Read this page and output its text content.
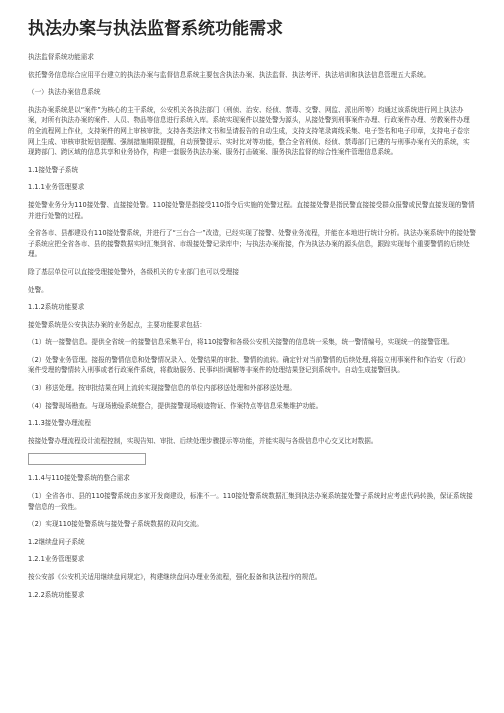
执法办案与执法监督系统功能需求

执法监督系统功能需求

依托警务信息综合应用平台建立的执法办案与监督信息系统主要包含执法办案、执法监督、执法考评、执法培训和执法信息管理五大系统。

（一）执法办案信息系统

执法办案系统是以“案件”为核心的主干系统，公安机关各执法部门（刑侦、治安、经侦、禁毒、交警、网监、派出所等）均通过该系统进行网上执法办案，对所有执法办案的案件、人员、物品等信息进行系统入库。系统实现案件以接处警为源头，从接处警到刑事案件办理、行政案件办理、劳教案件办理的全流程网上作业，支持案件的网上审核审批，支持各类法律文书和呈请报告的自动生成，支持支持笔录离线采集、电子签名和电子印章，支持电子卷宗网上生成、审核审批短信提醒、强制措施期限提醒，自动预警提示、实时比对等功能，整合全省刑侦、经侦、禁毒部门已建的与刑事办案有关的系统，实现跨部门、跨区域的信息共享和业务协作，构建一套服务执法办案、服务打击破案、服务执法监督的综合性案件管理信息系统。

1.1接处警子系统

1.1.1业务管理要求

接处警业务分为110接处警、直接接处警。110接处警是指接受110指令后实施的处警过程。直接接处警是指民警直接接受群众报警或民警直接发现的警情并进行处警的过程。

全省各市、县都建设有110接处警系统，并进行了“三台合一”改造，已经实现了接警、处警业务流程，并能在本地进行统计分析。执法办案系统中的接处警子系统应把全省各市、县的接警数据实时汇集到省、市级接处警记录库中；与执法办案衔接，作为执法办案的源头信息，跟踪实现每个重要警情的后续处理。

除了基层单位可以直接受理接处警外，各级机关的专业部门也可以受理接

处警。

1.1.2系统功能要求

接处警系统是公安执法办案的业务起点，主要功能要求包括：

（1）统一接警信息。提供全省统一的接警信息采集平台，将110接警和各级公安机关接警的信息统一采集，统一警情编号，实现统一的接警管理。

（2）处警业务管理。接报的警情信息和处警情况录入、处警结果的审批、警情的流转。确定针对当前警情的后续处理,将报立刑事案件和作治安（行政）案件受理的警情转入刑事或者行政案件系统，将救助服务、民事纠纷调解等非案件的处理结果登记到系统中。自动生成接警回执。

（3）移送处理。按审批结果在网上流转实现接警信息的单位内部移送处理和外部移送处理。

（4）接警现场勘查。与现场勘验系统整合，提供接警现场痕迹物证、作案特点等信息采集维护功能。

1.1.3接处警办理流程

按接处警办理流程设计流程控制，实现告知、审批、后续处理步骤提示等功能，并能实现与各级信息中心交叉比对数据。

1.1.4与110接处警系统的整合需求

（1）全省各市、县的110接警系统由多家开发商建设，标准不一。110接处警系统数据汇集到执法办案系统接处警子系统时应考虑代码转换，保证系统接警信息的一致性。

（2）实现110接处警系统与接处警子系统数据的双向交流。

1.2继续盘问子系统

1.2.1业务管理要求

按公安部《公安机关适用继续盘问规定》，构建继续盘问办理业务流程，强化报备和执法程序的规范。

1.2.2系统功能要求
